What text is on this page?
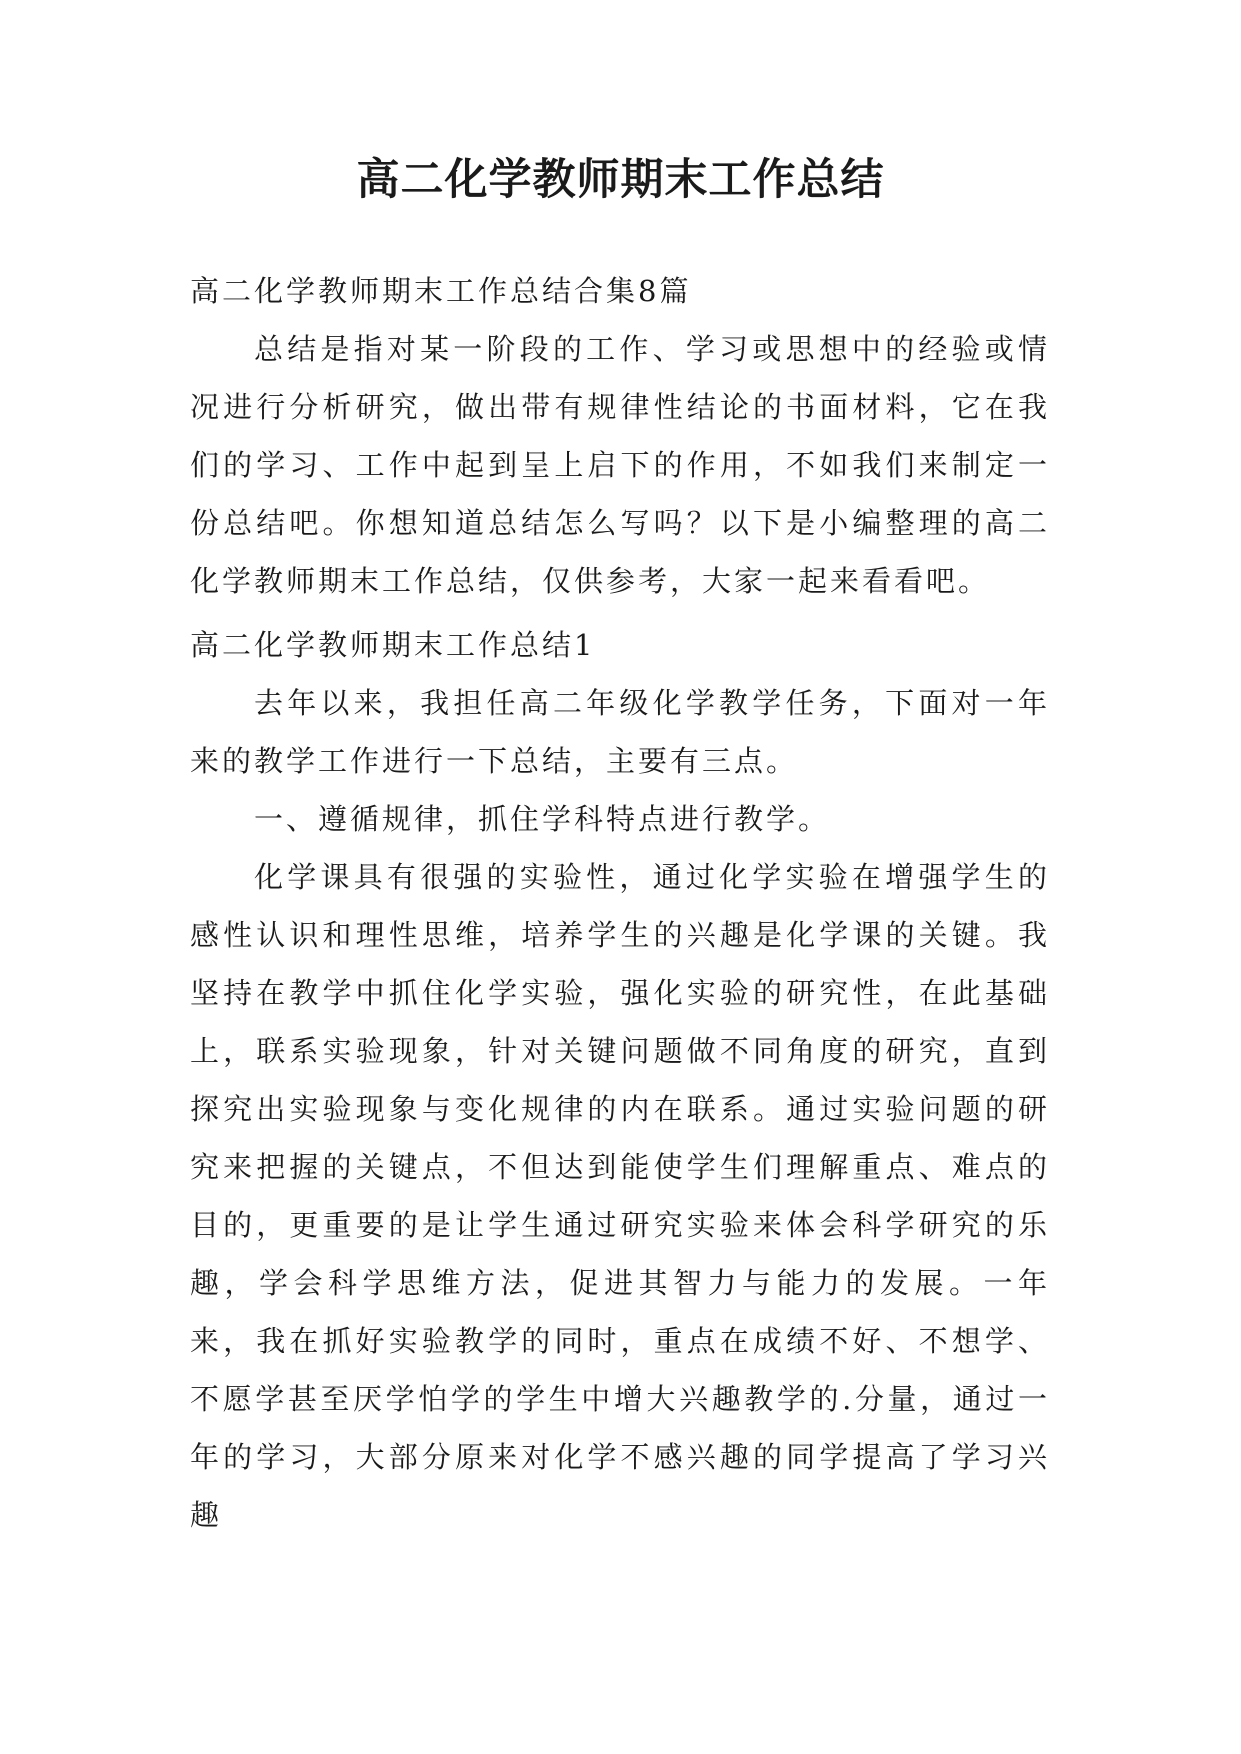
高二化学教师期末工作总结

高二化学教师期末工作总结合集8篇

总结是指对某一阶段的工作、学习或思想中的经验或情况进行分析研究，做出带有规律性结论的书面材料，它在我们的学习、工作中起到呈上启下的作用，不如我们来制定一份总结吧。你想知道总结怎么写吗？以下是小编整理的高二化学教师期末工作总结，仅供参考，大家一起来看看吧。

高二化学教师期末工作总结1

去年以来，我担任高二年级化学教学任务，下面对一年来的教学工作进行一下总结，主要有三点。

一、遵循规律，抓住学科特点进行教学。

化学课具有很强的实验性，通过化学实验在增强学生的感性认识和理性思维，培养学生的兴趣是化学课的关键。我坚持在教学中抓住化学实验，强化实验的研究性，在此基础上，联系实验现象，针对关键问题做不同角度的研究，直到探究出实验现象与变化规律的内在联系。通过实验问题的研究来把握的关键点，不但达到能使学生们理解重点、难点的目的，更重要的是让学生通过研究实验来体会科学研究的乐趣，学会科学思维方法，促进其智力与能力的发展。一年来，我在抓好实验教学的同时，重点在成绩不好、不想学、不愿学甚至厌学怕学的学生中增大兴趣教学的.分量，通过一年的学习，大部分原来对化学不感兴趣的同学提高了学习兴趣
